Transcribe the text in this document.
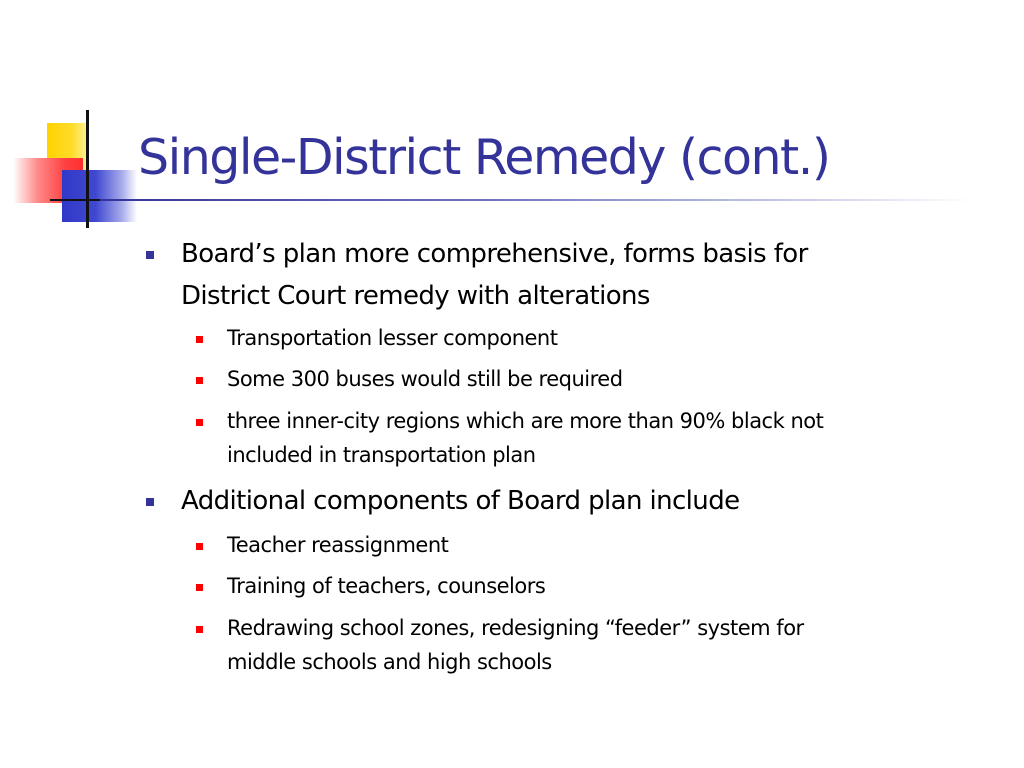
Single-District Remedy (cont.)
Board’s plan more comprehensive, forms basis for
District Court remedy with alterations
Transportation lesser component
Some 300 buses would still be required
three inner-city regions which are more than 90% black not
included in transportation plan
Additional components of Board plan include
Teacher reassignment
Training of teachers, counselors
Redrawing school zones, redesigning “feeder” system for
middle schools and high schools
